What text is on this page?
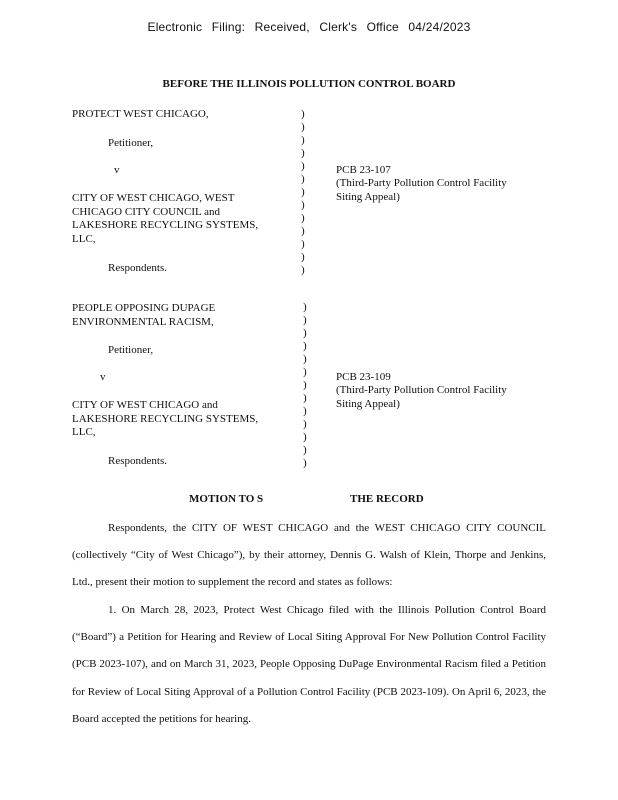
Electronic Filing: Received, Clerk's Office 04/24/2023
BEFORE THE ILLINOIS POLLUTION CONTROL BOARD
PROTECT WEST CHICAGO,
Petitioner,
v
CITY OF WEST CHICAGO, WEST
CHICAGO CITY COUNCIL and
LAKESHORE RECYCLING SYSTEMS,
LLC,
Respondents.
)
)
)
)
)
)
)
)
)
)
)
)
)
PCB 23-107
(Third-Party Pollution Control Facility
Siting Appeal)
PEOPLE OPPOSING DUPAGE
ENVIRONMENTAL RACISM,
Petitioner,
v
CITY OF WEST CHICAGO and
LAKESHORE RECYCLING SYSTEMS,
LLC,
Respondents.
)
)
)
)
)
)
)
)
)
)
)
)
)
PCB 23-109
(Third-Party Pollution Control Facility
Siting Appeal)
MOTION TO S	THE RECORD
Respondents, the CITY OF WEST CHICAGO and the WEST CHICAGO CITY COUNCIL (collectively “City of West Chicago”), by their attorney, Dennis G. Walsh of Klein, Thorpe and Jenkins, Ltd., present their motion to supplement the record and states as follows:
1. On March 28, 2023, Protect West Chicago filed with the Illinois Pollution Control Board (“Board”) a Petition for Hearing and Review of Local Siting Approval For New Pollution Control Facility (PCB 2023-107), and on March 31, 2023, People Opposing DuPage Environmental Racism filed a Petition for Review of Local Siting Approval of a Pollution Control Facility (PCB 2023-109). On April 6, 2023, the Board accepted the petitions for hearing.
